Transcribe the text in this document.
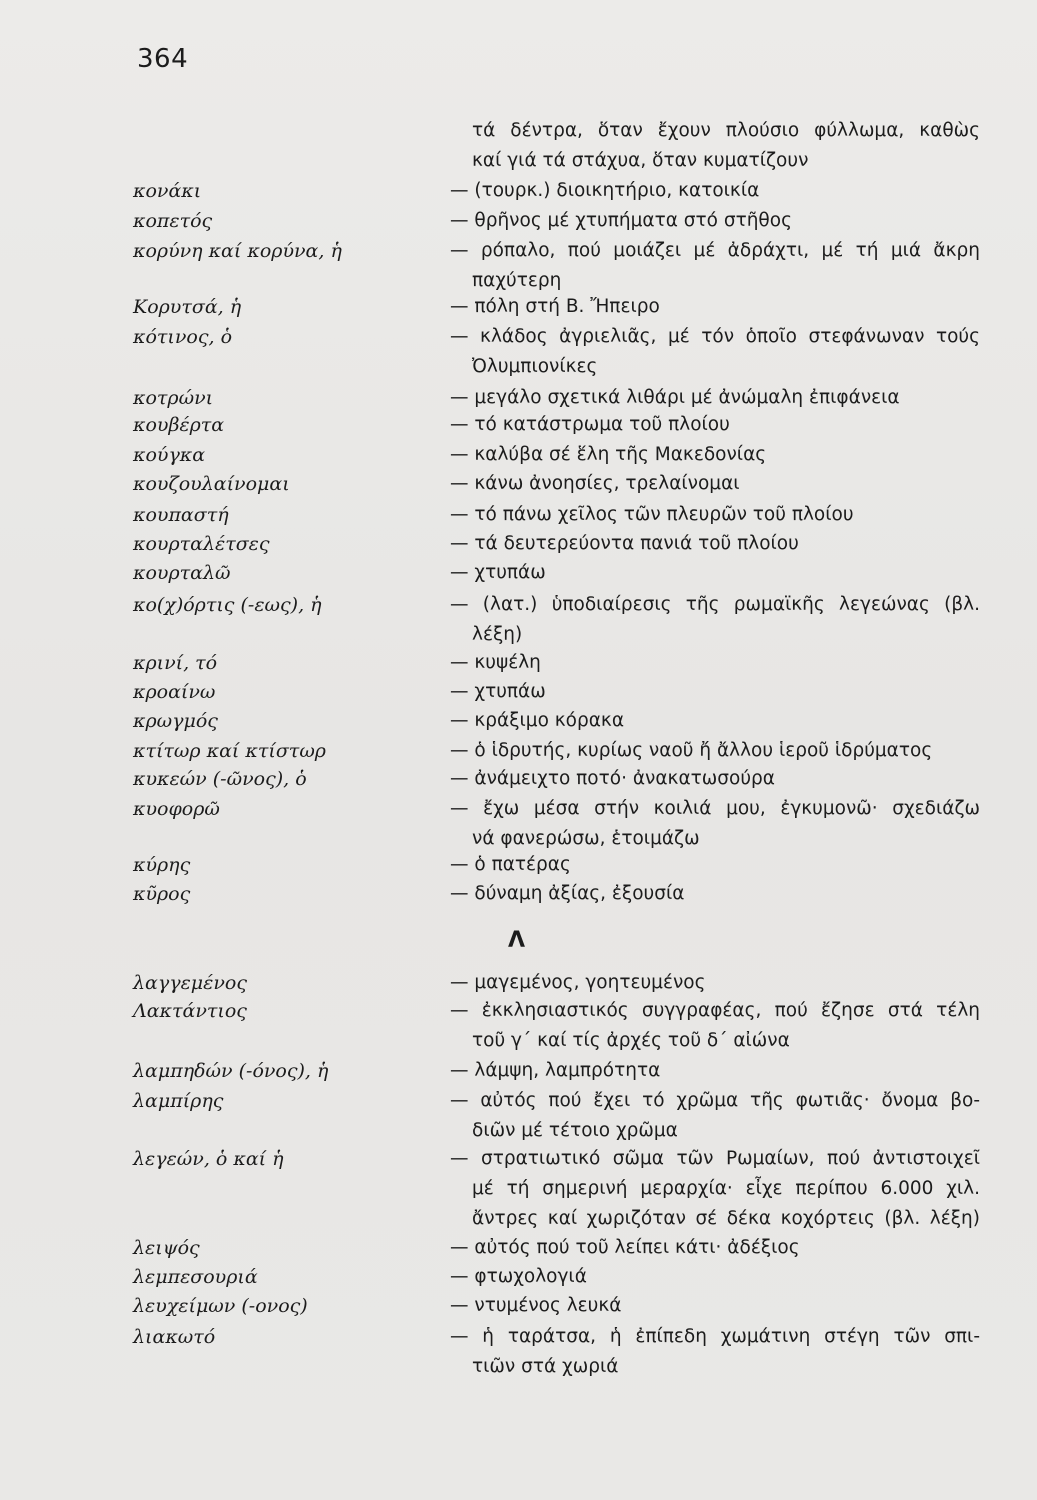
364
τά δέντρα, ὅταν ἔχουν πλούσιο φύλλωμα, καθὼς
καί γιά τά στάχυα, ὅταν κυματίζουν
κονάκι	— (τουρκ.) διοικητήριο, κατοικία
κοπετός	— θρῆνος μέ χτυπήματα στό στῆθος
κορύνη καί κορύνα, ἡ	— ρόπαλο, πού μοιάζει μέ ἀδράχτι, μέ τή μιά ἄκρη
παχύτερη
Κορυτσά, ἡ	— πόλη στή Β. Ἤπειρο
κότινος, ὁ	— κλάδος ἀγριελιᾶς, μέ τόν ὁποῖο στεφάνωναν τούς
Ὀλυμπιονίκες
κοτρώνι	— μεγάλο σχετικά λιθάρι μέ ἀνώμαλη ἐπιφάνεια
κουβέρτα	— τό κατάστρωμα τοῦ πλοίου
κούγκα	— καλύβα σέ ἕλη τῆς Μακεδονίας
κουζουλαίνομαι	— κάνω ἀνοησίες, τρελαίνομαι
κουπαστή	— τό πάνω χεῖλος τῶν πλευρῶν τοῦ πλοίου
κουρταλέτσες	— τά δευτερεύοντα πανιά τοῦ πλοίου
κουρταλῶ	— χτυπάω
κο(χ)όρτις (-εως), ἡ	— (λατ.) ὑποδιαίρεσις τῆς ρωμαϊκῆς λεγεώνας (βλ.
λέξη)
κρινί, τό	— κυψέλη
κροαίνω	— χτυπάω
κρωγμός	— κράξιμο κόρακα
κτίτωρ καί κτίστωρ	— ὁ ἱδρυτής, κυρίως ναοῦ ἤ ἄλλου ἱεροῦ ἱδρύματος
κυκεών (-ῶνος), ὁ	— ἀνάμειχτο ποτό· ἀνακατωσούρα
κυοφορῶ	— ἔχω μέσα στήν κοιλιά μου, ἐγκυμονῶ· σχεδιάζω
νά φανερώσω, ἑτοιμάζω
κύρης	— ὁ πατέρας
κῦρος	— δύναμη ἀξίας, ἐξουσία
λαγγεμένος	— μαγεμένος, γοητευμένος
Λακτάντιος	— ἐκκλησιαστικός συγγραφέας, πού ἔζησε στά τέλη
τοῦ γ΄ καί τίς ἀρχές τοῦ δ΄ αἰώνα
λαμπηδών (-όνος), ἡ	— λάμψη, λαμπρότητα
λαμπίρης	— αὐτός πού ἔχει τό χρῶμα τῆς φωτιᾶς· ὄνομα βο-
διῶν μέ τέτοιο χρῶμα
λεγεών, ὁ καί ἡ	— στρατιωτικό σῶμα τῶν Ρωμαίων, πού ἀντιστοιχεῖ
μέ τή σημερινή μεραρχία· εἶχε περίπου 6.000 χιλ.
ἄντρες καί χωριζόταν σέ δέκα κοχόρτεις (βλ. λέξη)
λειψός	— αὐτός πού τοῦ λείπει κάτι· ἀδέξιος
λεμπεσουριά	— φτωχολογιά
λευχείμων (-ονος)	— ντυμένος λευκά
λιακωτό	— ἡ ταράτσα, ἡ ἐπίπεδη χωμάτινη στέγη τῶν σπι-
τιῶν στά χωριά
Λ
